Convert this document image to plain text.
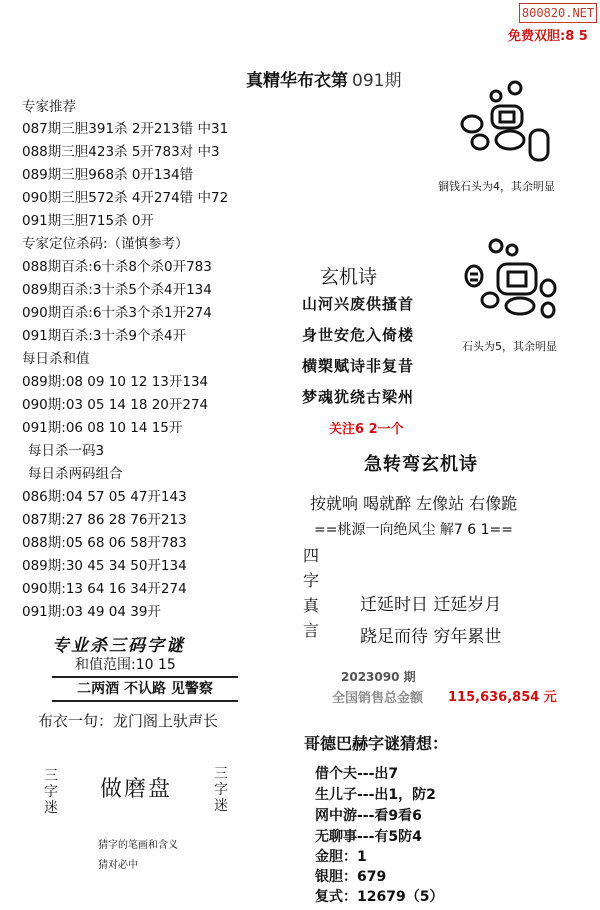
800820.NET
免费双胆:8 5
真精华布衣第 091期
专家推荐
087期三胆391杀 2开213错 中31
088期三胆423杀 5开783对 中3
089期三胆968杀 0开134错
090期三胆572杀 4开274错 中72
091期三胆715杀 0开
专家定位杀码:（谨慎参考）
088期百杀:6十杀8个杀0开783
089期百杀:3十杀5个杀4开134
090期百杀:6十杀3个杀1开274
091期百杀:3十杀9个杀4开
每日杀和值
089期:08 09 10 12 13开134
090期:03 05 14 18 20开274
091期:06 08 10 14 15开
每日杀一码3
每日杀两码组合
086期:04 57 05 47开143
087期:27 86 28 76开213
088期:05 68 06 58开783
089期:30 45 34 50开134
090期:13 64 16 34开274
091期:03 49 04 39开
专业杀三码字谜
和值范围:10 15
二两酒 不认路 见警察
布衣一句：龙门阁上驮声长
三字迷
做磨盘
三字迷
猜字的笔画和含义
猜对必中
铜钱石头为4，其余明显
石头为5，其余明显
玄机诗
山河兴废供搔首
身世安危入倚楼
横槊赋诗非复昔
梦魂犹绕古梁州
关注6 2一个
急转弯玄机诗
按就响 喝就醉 左像站 右像跪
==桃源一向绝风尘 解7 6 1==
四
字
真
言
迁延时日 迁延岁月
跷足而待 穷年累世
2023090 期
全国销售总金额 115,636,854 元
哥德巴赫字谜猜想：
借个夫---出7
生儿子---出1，防2
网中游---看9看6
无聊事---有5防4
金胆：1
银胆：679
复式：12679（5）
